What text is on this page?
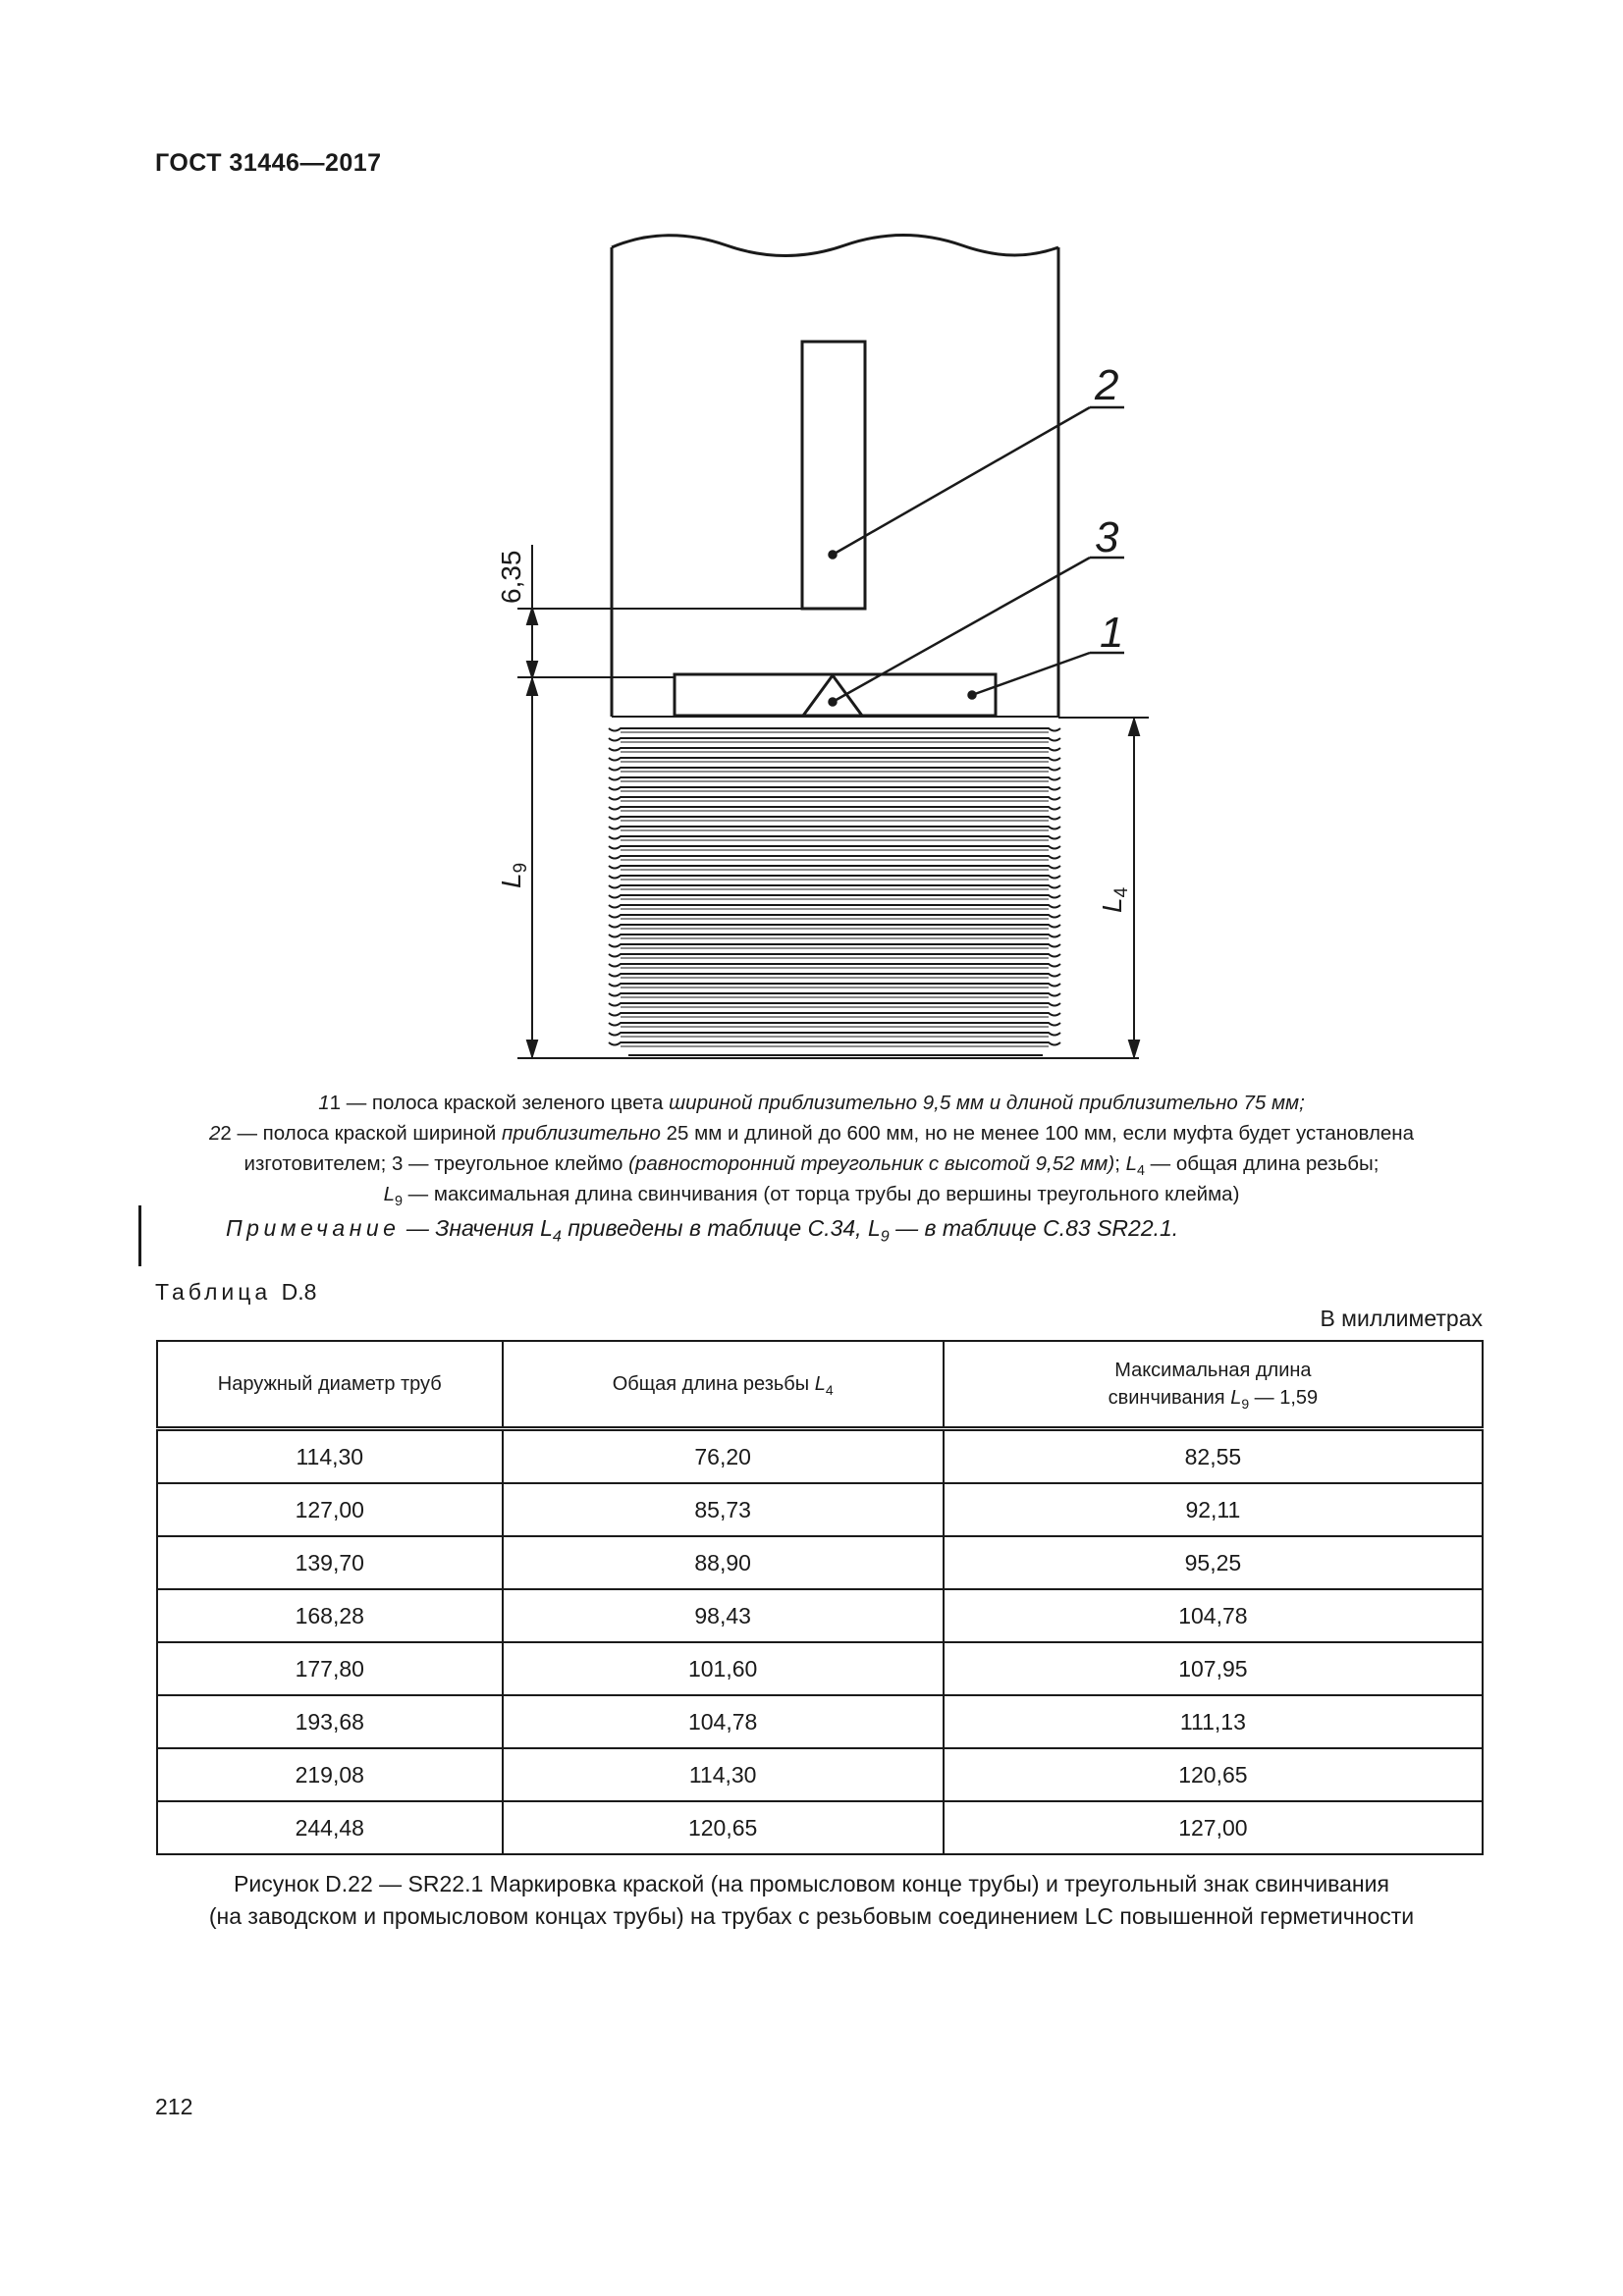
ГОСТ 31446—2017
2
3
1
6,35
$L_9$
$L_4$
11 — полоса краской зеленого цвета шириной приблизительно 9,5 мм и длиной приблизительно 75 мм;
22 — полоса краской шириной приблизительно 25 мм и длиной до 600 мм, но не менее 100 мм, если муфта будет установлена
изготовителем; 3 — треугольное клеймо (равносторонний треугольник с высотой 9,52 мм); $L_4$ — общая длина резьбы;
$L_9$ — максимальная длина свинчивания (от торца трубы до вершины треугольного клейма)
Примечание — Значения $L_4$ приведены в таблице С.34, $L_9$ — в таблице С.83 SR22.1.
Таблица D.8
В миллиметрах
Наружный диаметр труб	Общая длина резьбы $L_4$	Максимальная длина
свинчивания $L_9$ — 1,59
114,30	76,20	82,55
127,00	85,73	92,11
139,70	88,90	95,25
168,28	98,43	104,78
177,80	101,60	107,95
193,68	104,78	111,13
219,08	114,30	120,65
244,48	120,65	127,00
Рисунок D.22 — SR22.1 Маркировка краской (на промысловом конце трубы) и треугольный знак свинчивания
(на заводском и промысловом концах трубы) на трубах с резьбовым соединением LC повышенной герметичности
212
